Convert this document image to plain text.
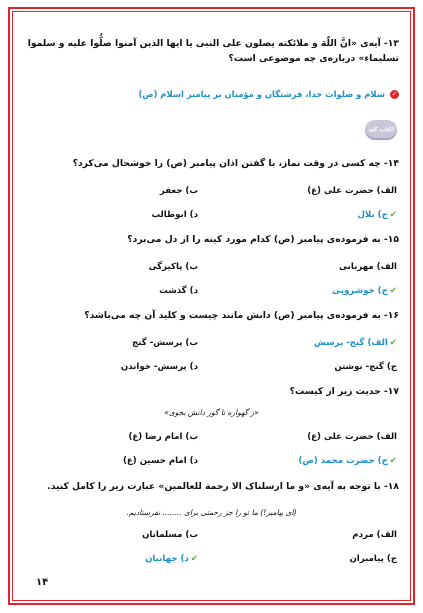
۱۳- آیه‌ی «انَّ اللّهَ و ملائکته یصلون علی النبی یا ایها الذین آمنوا صلُّوا علیه و سلموا تسلیماء» درباره‌ی چه موضوعی است؟
✓سلام و صلوات خدا، فرشتگان و مؤمنان بر پیامبر اسلام (ص)
الکتاب کلید
۱۴- چه کسی در وقت نماز، با گفتن اذان پیامبر (ص) را خوشحال می‌کرد؟
الف) حضرت علی (ع)
ب) جعفر
✔ج) بلال
د) ابوطالب
۱۵- به فرموده‌ی پیامبر (ص) کدام مورد کینه را از دل می‌برد؟
الف) مهربانی
ب) پاکیزگی
✔ج) خوشرویی
د) گذشت
۱۶- به فرموده‌ی پیامبر (ص) دانش مانند چیست و کلید آن چه می‌باشد؟
✔الف) گنج- پرسش
ب) پرسش- گنج
ج) گنج- نوشتن
د) پرسش- خواندن
۱۷- حدیث زیر از کیست؟
«ز گهواره تا گور دانش بجوی»
الف) حضرت علی (ع)
ب) امام رضا (ع)
✔ج) حضرت محمد (ص)
د) امام حسین (ع)
۱۸- با توجه به آیه‌ی «و ما ارسلناک الا رحمة للعالمین» عبارت زیر را کامل کنید.
(ای پیامبر!) ما تو را جز رحمتی برای ........ نفرستادیم.
الف) مردم
ب) مسلمانان
ج) پیامبران
✔د) جهانیان
۱۴
